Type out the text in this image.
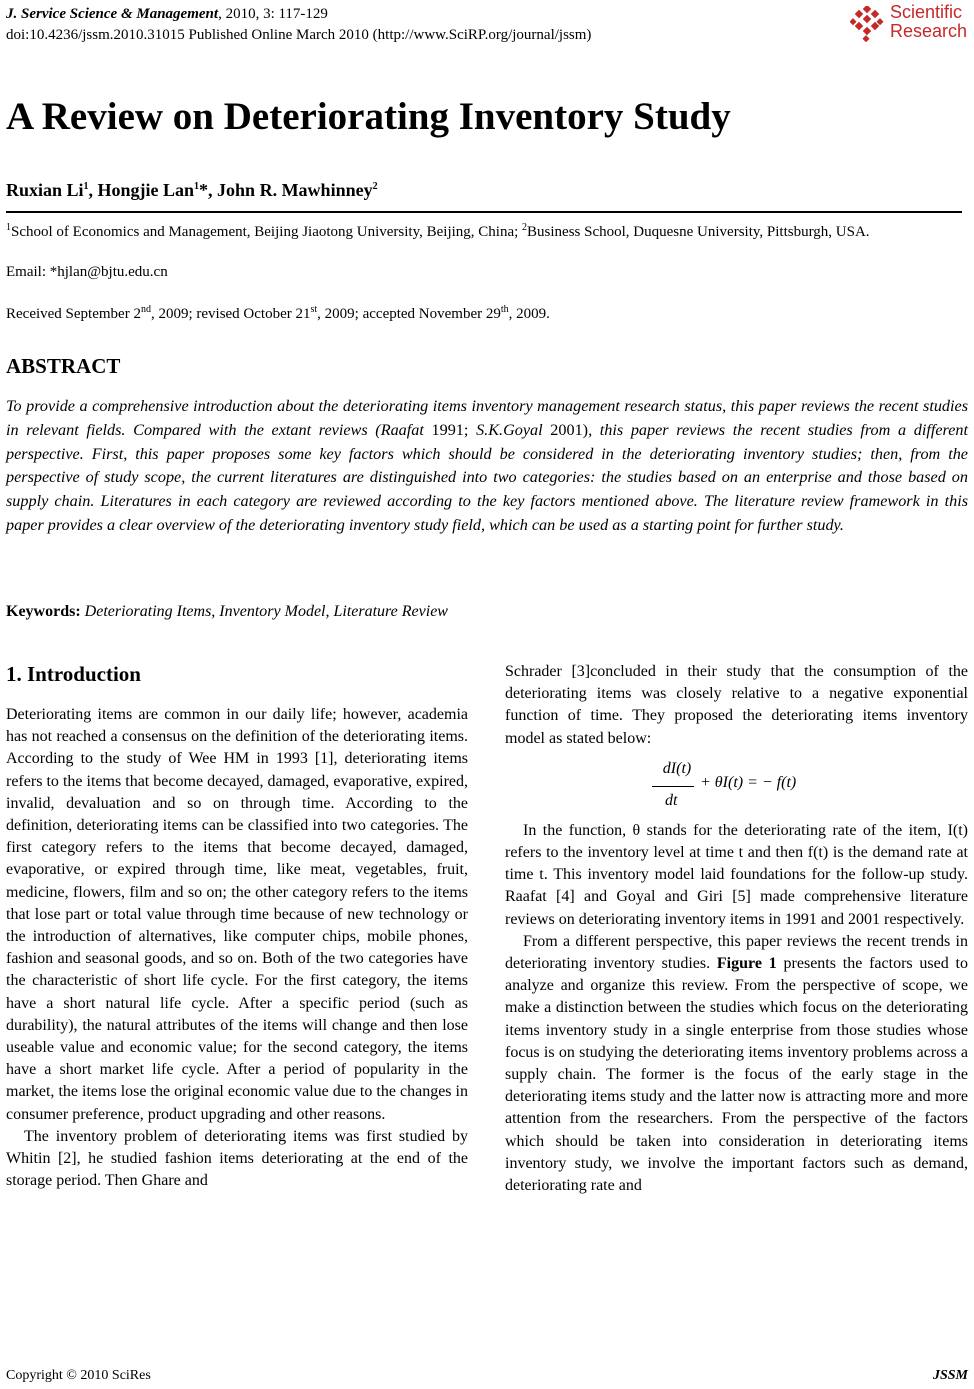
J. Service Science & Management, 2010, 3: 117-129
doi:10.4236/jssm.2010.31015 Published Online March 2010 (http://www.SciRP.org/journal/jssm)
Scientific
Research
A Review on Deteriorating Inventory Study
Ruxian Li$^1$, Hongjie Lan$^1$*, John R. Mawhinney$^2$
$^1$School of Economics and Management, Beijing Jiaotong University, Beijing, China; $^2$Business School, Duquesne University, Pittsburgh, USA.
Email: *hjlan@bjtu.edu.cn
Received September 2nd, 2009; revised October 21st, 2009; accepted November 29th, 2009.
ABSTRACT
To provide a comprehensive introduction about the deteriorating items inventory management research status, this paper reviews the recent studies in relevant fields. Compared with the extant reviews (Raafat 1991; S.K.Goyal 2001), this paper reviews the recent studies from a different perspective. First, this paper proposes some key factors which should be considered in the deteriorating inventory studies; then, from the perspective of study scope, the current literatures are distinguished into two categories: the studies based on an enterprise and those based on supply chain. Literatures in each category are reviewed according to the key factors mentioned above. The literature review framework in this paper provides a clear overview of the deteriorating inventory study field, which can be used as a starting point for further study.
Keywords: Deteriorating Items, Inventory Model, Literature Review
1. Introduction

Deteriorating items are common in our daily life; however, academia has not reached a consensus on the definition of the deteriorating items. According to the study of Wee HM in 1993 [1], deteriorating items refers to the items that become decayed, damaged, evaporative, expired, invalid, devaluation and so on through time. According to the definition, deteriorating items can be classified into two categories. The first category refers to the items that become decayed, damaged, evaporative, or expired through time, like meat, vegetables, fruit, medicine, flowers, film and so on; the other category refers to the items that lose part or total value through time because of new technology or the introduction of alternatives, like computer chips, mobile phones, fashion and seasonal goods, and so on. Both of the two categories have the characteristic of short life cycle. For the first category, the items have a short natural life cycle. After a specific period (such as durability), the natural attributes of the items will change and then lose useable value and economic value; for the second category, the items have a short market life cycle. After a period of popularity in the market, the items lose the original economic value due to the changes in consumer preference, product upgrading and other reasons.

The inventory problem of deteriorating items was first studied by Whitin [2], he studied fashion items deteriorating at the end of the storage period. Then Ghare and

Schrader [3]concluded in their study that the consumption of the deteriorating items was closely relative to a negative exponential function of time. They proposed the deteriorating items inventory model as stated below:

dI(t)
dt
+ θI(t) = − f(t)

In the function, θ stands for the deteriorating rate of the item, I(t) refers to the inventory level at time t and then f(t) is the demand rate at time t. This inventory model laid foundations for the follow-up study. Raafat [4] and Goyal and Giri [5] made comprehensive literature reviews on deteriorating inventory items in 1991 and 2001 respectively.

From a different perspective, this paper reviews the recent trends in deteriorating inventory studies. Figure 1 presents the factors used to analyze and organize this review. From the perspective of scope, we make a distinction between the studies which focus on the deteriorating items inventory study in a single enterprise from those studies whose focus is on studying the deteriorating items inventory problems across a supply chain. The former is the focus of the early stage in the deteriorating items study and the latter now is attracting more and more attention from the researchers. From the perspective of the factors which should be taken into consideration in deteriorating items inventory study, we involve the important factors such as demand, deteriorating rate and

Copyright © 2010 SciRes	JSSM
